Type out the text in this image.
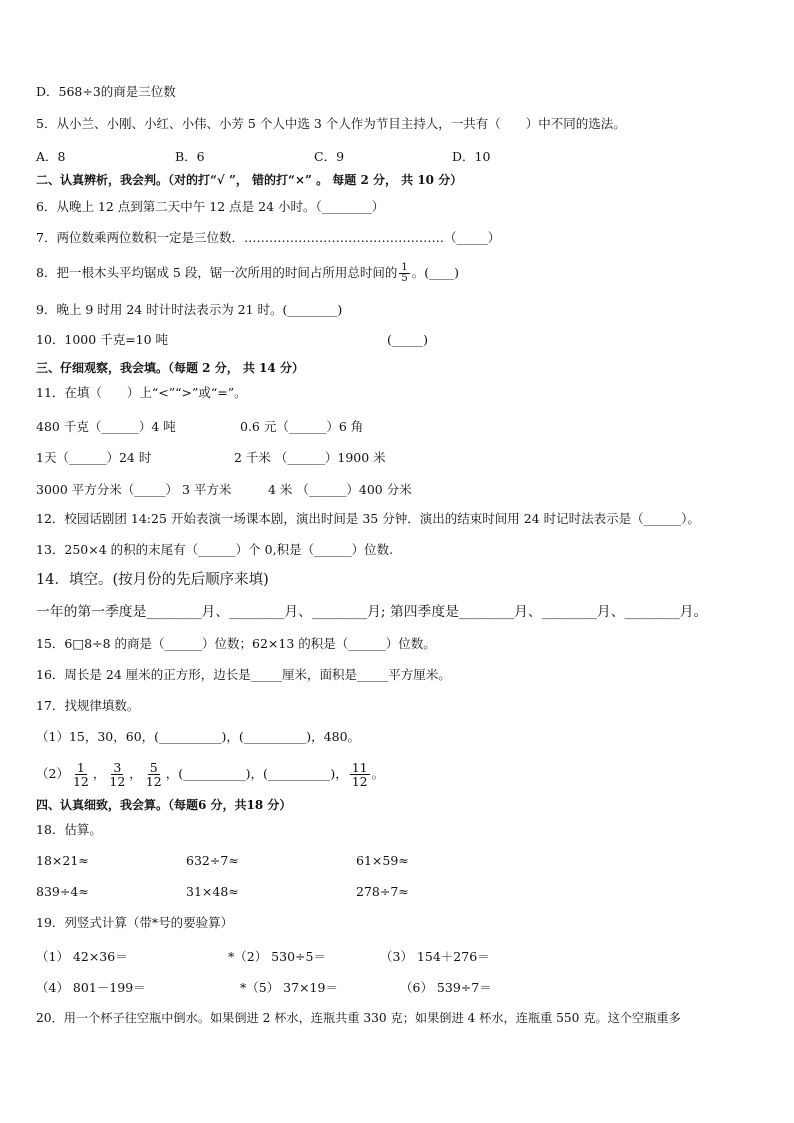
D．568÷3的商是三位数
5．从小兰、小刚、小红、小伟、小芳 5 个人中选 3 个人作为节目主持人，一共有（　　）中不同的选法。
A．8	B．6	C．9	D．10
二、认真辨析，我会判。（对的打“√ ”， 错的打“×” 。 每题 2 分， 共 10 分）
6．从晚上 12 点到第二天中午 12 点是 24 小时。（________）
7．两位数乘两位数积一定是三位数．…………………………………………（_____）
8．把一根木头平均锯成 5 段，锯一次所用的时间占所用总时间的 $\frac{1}{5}$ 。(____)
9．晚上 9 时用 24 时计时法表示为 21 时。(________)
10．1000 千克=10 吨	(_____)
三、仔细观察，我会填。（每题 2 分， 共 14 分）
11．在填（　　）上“<”“>”或“=”。
480 千克（______）4 吨	0.6 元（______）6 角
1天（______）24 时	2 千米 （______）1900 米
3000 平方分米（_____） 3 平方米	4 米 （______）400 分米
12．校园话剧团 14:25 开始表演一场课本剧，演出时间是 35 分钟．演出的结束时间用 24 时记时法表示是（______）。
13．250×4 的积的末尾有（______）个 0,积是（______）位数.
14．填空。(按月份的先后顺序来填)
一年的第一季度是________月、________月、________月; 第四季度是________月、________月、________月。
15．6□8÷8 的商是（______）位数；62×13 的积是（______）位数。
16．周长是 24 厘米的正方形，边长是_____厘米，面积是_____平方厘米。
17．找规律填数。
（1）15，30，60，(__________)，(__________)，480。
$(2) \frac{1}{12}$ ， $\frac{3}{12}$ ， $\frac{5}{12}$ ，(__________)，(__________)， $\frac{11}{12}$ 。
四、认真细致，我会算。（每题6 分，共18 分）
18．估算。
18×21≈	632÷7≈	61×59≈
839÷4≈	31×48≈	278÷7≈
19．列竖式计算（带*号的要验算）
（1） 42×36＝	*（2） 530÷5＝	（3） 154＋276＝
（4） 801－199＝	*（5） 37×19＝	（6） 539÷7＝
20．用一个杯子往空瓶中倒水。如果倒进 2 杯水，连瓶共重 330 克；如果倒进 4 杯水，连瓶重 550 克。这个空瓶重多
